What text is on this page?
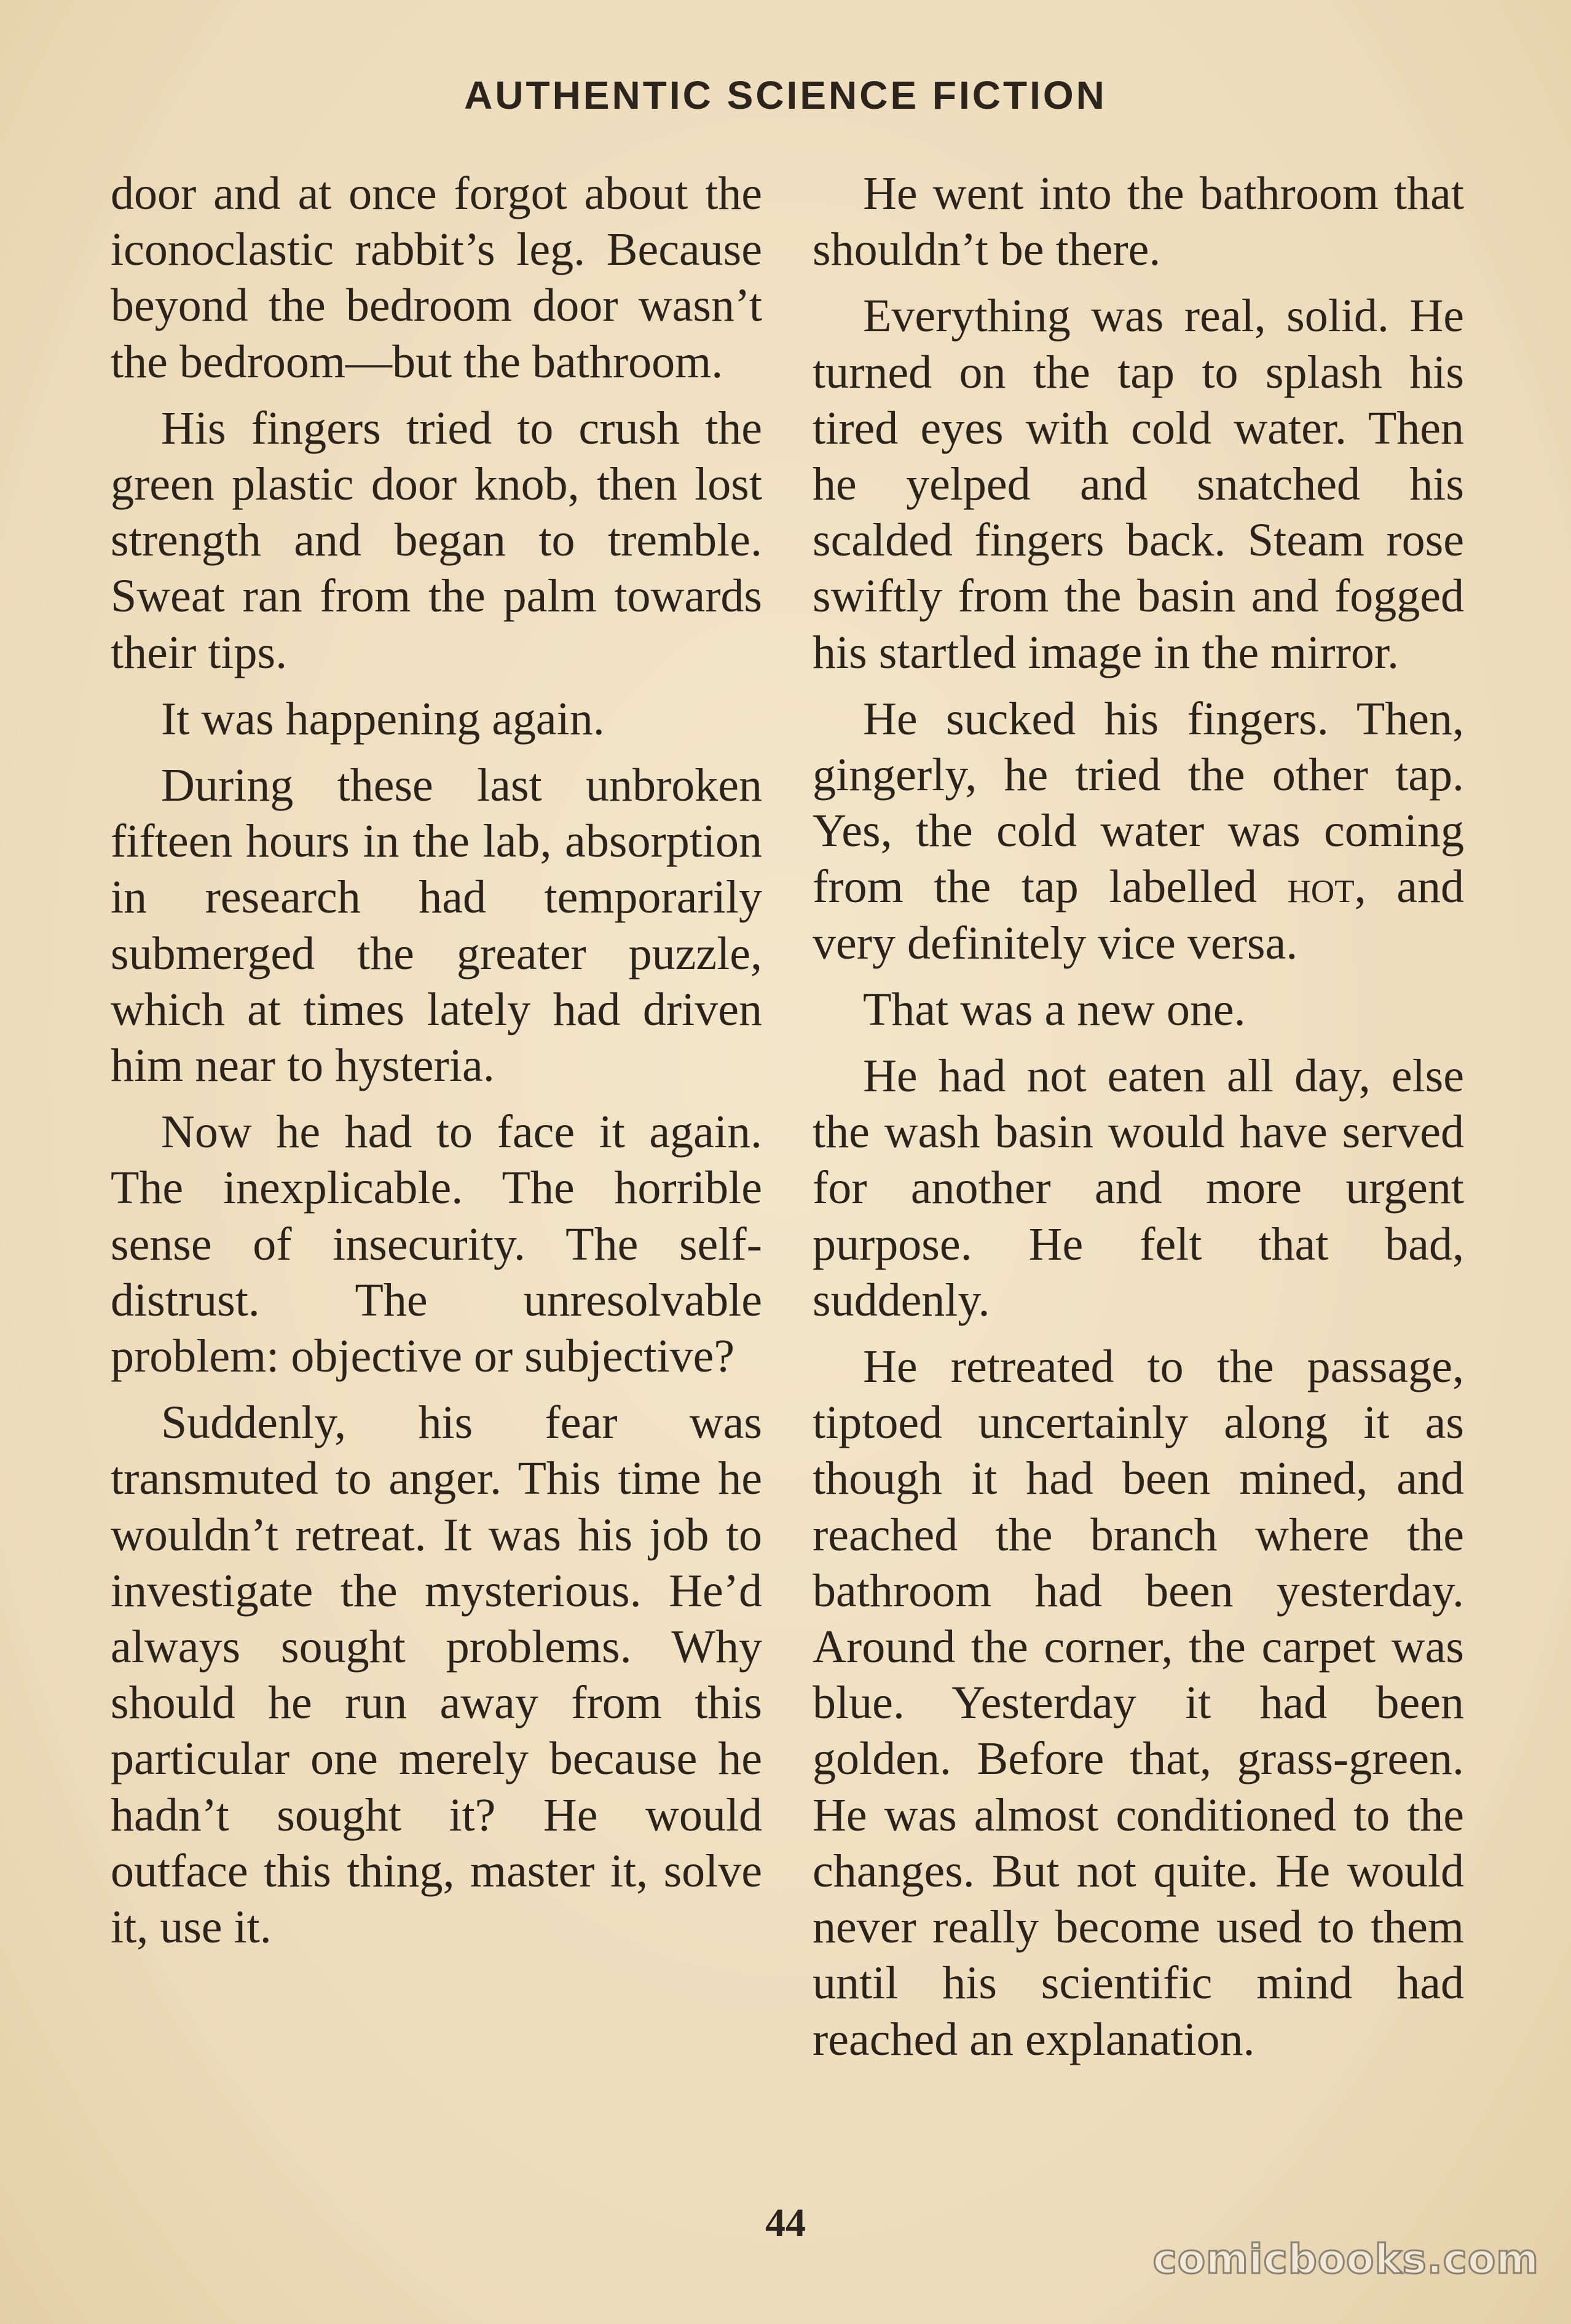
AUTHENTIC SCIENCE FICTION

door and at once forgot about the iconoclastic rabbit’s leg. Because beyond the bedroom door wasn’t the bedroom—but the bathroom.

His fingers tried to crush the green plastic door knob, then lost strength and began to tremble. Sweat ran from the palm towards their tips.

It was happening again.

During these last unbroken fifteen hours in the lab, absorption in research had temporarily submerged the greater puzzle, which at times lately had driven him near to hysteria.

Now he had to face it again. The inexplicable. The horrible sense of insecurity. The self-distrust. The unresolvable problem: objective or subjective?

Suddenly, his fear was transmuted to anger. This time he wouldn’t retreat. It was his job to investigate the mysterious. He’d always sought problems. Why should he run away from this particular one merely because he hadn’t sought it? He would outface this thing, master it, solve it, use it.

He went into the bathroom that shouldn’t be there.

Everything was real, solid. He turned on the tap to splash his tired eyes with cold water. Then he yelped and snatched his scalded fingers back. Steam rose swiftly from the basin and fogged his startled image in the mirror.

He sucked his fingers. Then, gingerly, he tried the other tap. Yes, the cold water was coming from the tap labelled hot, and very definitely vice versa.

That was a new one.

He had not eaten all day, else the wash basin would have served for another and more urgent purpose. He felt that bad, suddenly.

He retreated to the passage, tiptoed uncertainly along it as though it had been mined, and reached the branch where the bathroom had been yesterday. Around the corner, the carpet was blue. Yesterday it had been golden. Before that, grass-green. He was almost conditioned to the changes. But not quite. He would never really become used to them until his scientific mind had reached an explanation.

44
comicbooks.com
